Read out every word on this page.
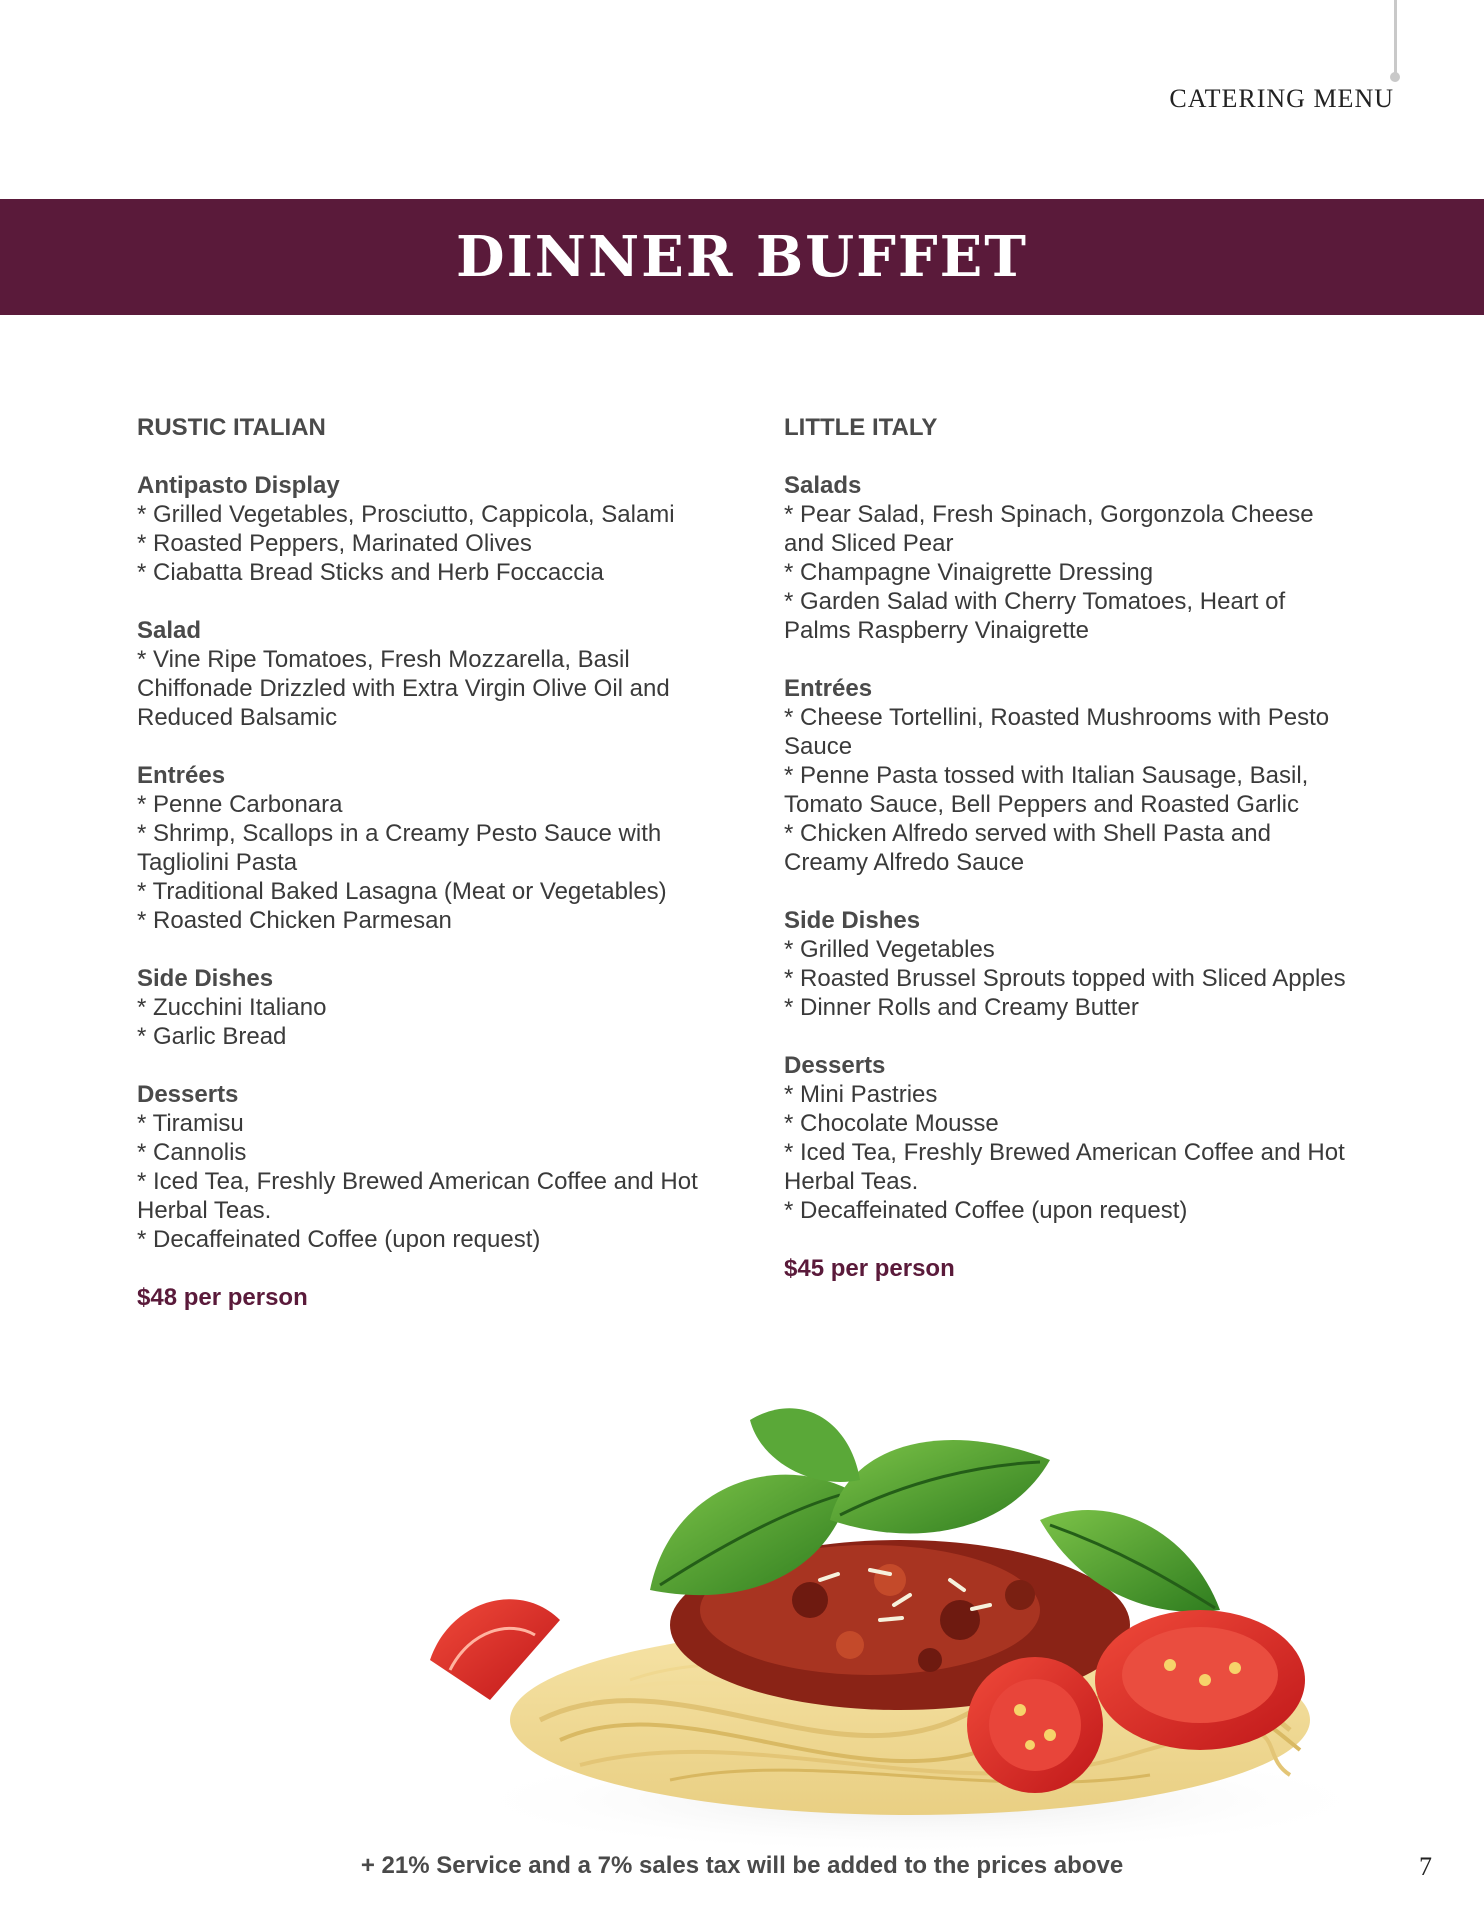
CATERING MENU
DINNER BUFFET
RUSTIC ITALIAN
Antipasto Display
* Grilled Vegetables, Prosciutto, Cappicola, Salami
* Roasted Peppers, Marinated Olives
* Ciabatta Bread Sticks and Herb Foccaccia
Salad
* Vine Ripe Tomatoes, Fresh Mozzarella, Basil Chiffonade Drizzled with Extra Virgin Olive Oil and Reduced Balsamic
Entrées
* Penne Carbonara
* Shrimp, Scallops in a Creamy Pesto Sauce with Tagliolini Pasta
* Traditional Baked Lasagna (Meat or Vegetables)
* Roasted Chicken Parmesan
Side Dishes
* Zucchini Italiano
* Garlic Bread
Desserts
* Tiramisu
* Cannolis
* Iced Tea, Freshly Brewed American Coffee and Hot Herbal Teas.
* Decaffeinated Coffee (upon request)
$48 per person
LITTLE ITALY
Salads
* Pear Salad, Fresh Spinach, Gorgonzola Cheese and Sliced Pear
* Champagne Vinaigrette Dressing
* Garden Salad with Cherry Tomatoes, Heart of Palms Raspberry Vinaigrette
Entrées
* Cheese Tortellini, Roasted Mushrooms with Pesto Sauce
* Penne Pasta tossed with Italian Sausage, Basil, Tomato Sauce, Bell Peppers and Roasted Garlic
* Chicken Alfredo served with Shell Pasta and Creamy Alfredo Sauce
Side Dishes
* Grilled Vegetables
* Roasted Brussel Sprouts topped with Sliced Apples
* Dinner Rolls and Creamy Butter
Desserts
* Mini Pastries
* Chocolate Mousse
* Iced Tea, Freshly Brewed American Coffee and Hot Herbal Teas.
* Decaffeinated Coffee (upon request)
$45 per person
+ 21% Service and a 7% sales tax will be added to the prices above	7
